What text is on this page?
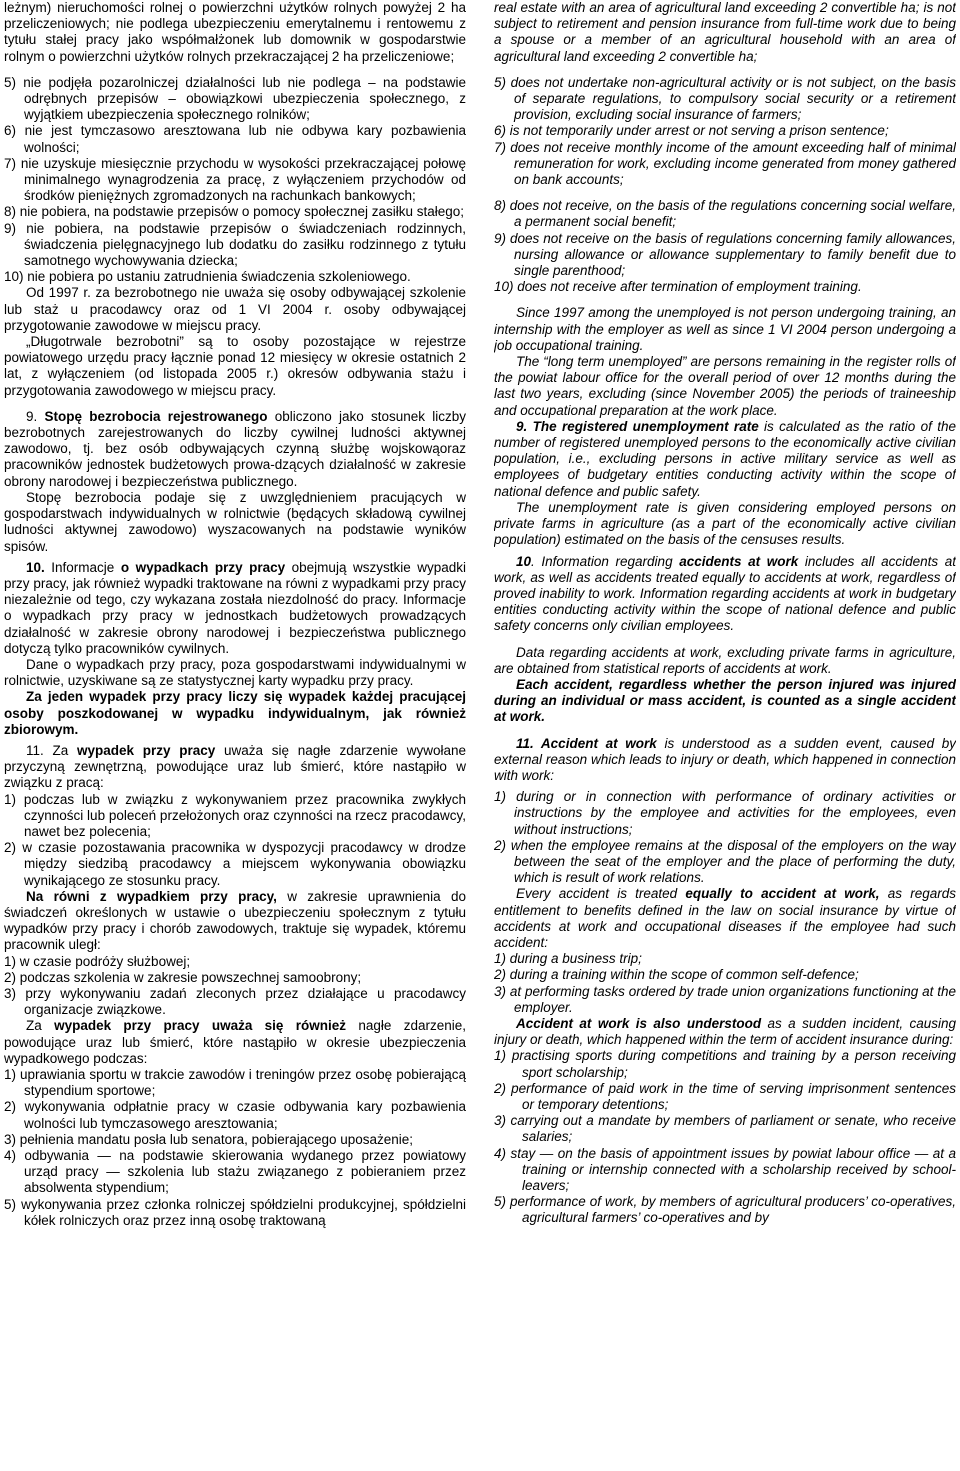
leżnym) nieruchomości rolnej o powierzchni użytków rolnych powyżej 2 ha przeliczeniowych; nie podlega ubezpieczeniu emerytalnemu i rentowemu z tytułu stałej pracy jako współmałżonek lub domownik w gospodarstwie rolnym o powierzchni użytków rolnych przekraczającej 2 ha przeliczeniowe;

5) nie podjęła pozarolniczej działalności lub nie podlega – na podstawie odrębnych przepisów – obowiązkowi ubezpieczenia społecznego, z wyjątkiem ubezpieczenia społecznego rolników;

6) nie jest tymczasowo aresztowana lub nie odbywa kary pozbawienia wolności;

7) nie uzyskuje miesięcznie przychodu w wysokości przekraczającej połowę minimalnego wynagrodzenia za pracę, z wyłączeniem przychodów od środków pieniężnych zgromadzonych na rachunkach bankowych;

8) nie pobiera, na podstawie przepisów o pomocy społecznej zasiłku stałego;

9) nie pobiera, na podstawie przepisów o świadczeniach rodzinnych, świadczenia pielęgnacyjnego lub dodatku do zasiłku rodzinnego z tytułu samotnego wychowywania dziecka;

10) nie pobiera po ustaniu zatrudnienia świadczenia szkoleniowego.

Od 1997 r. za bezrobotnego nie uważa się osoby odbywającej szkolenie lub staż u pracodawcy oraz od 1 VI 2004 r. osoby odbywającej przygotowanie zawodowe w miejscu pracy.

„Długotrwale bezrobotni” są to osoby pozostające w rejestrze powiatowego urzędu pracy łącznie ponad 12 miesięcy w okresie ostatnich 2 lat, z wyłączeniem (od listopada 2005 r.) okresów odbywania stażu i przygotowania zawodowego w miejscu pracy.

9. Stopę bezrobocia rejestrowanego obliczono jako stosunek liczby bezrobotnych zarejestrowanych do liczby cywilnej ludności aktywnej zawodowo, tj. bez osób odbywających czynną służbę wojskowąoraz pracowników jednostek budżetowych prowa-dzących działalność w zakresie obrony narodowej i bezpieczeństwa publicznego.

Stopę bezrobocia podaje się z uwzględnieniem pracujących w gospodarstwach indywidualnych w rolnictwie (będących składową cywilnej ludności aktywnej zawodowo) wyszacowanych na podstawie wyników spisów.

10. Informacje o wypadkach przy pracy obejmują wszystkie wypadki przy pracy, jak również wypadki traktowane na równi z wypadkami przy pracy niezależnie od tego, czy wykazana została niezdolność do pracy. Informacje o wypadkach przy pracy w jednostkach budżetowych prowadzących działalność w zakresie obrony narodowej i bezpieczeństwa publicznego dotyczą tylko pracowników cywilnych.

Dane o wypadkach przy pracy, poza gospodarstwami indywidualnymi w rolnictwie, uzyskiwane są ze statystycznej karty wypadku przy pracy.

Za jeden wypadek przy pracy liczy się wypadek każdej pracującej osoby poszkodowanej w wypadku indywidualnym, jak również zbiorowym.

11. Za wypadek przy pracy uważa się nagłe zdarzenie wywołane przyczyną zewnętrzną, powodujące uraz lub śmierć, które nastąpiło w związku z pracą:

1) podczas lub w związku z wykonywaniem przez pracownika zwykłych czynności lub poleceń przełożonych oraz czynności na rzecz pracodawcy, nawet bez polecenia;

2) w czasie pozostawania pracownika w dyspozycji pracodawcy w drodze między siedzibą pracodawcy a miejscem wykonywania obowiązku wynikającego ze stosunku pracy.

Na równi z wypadkiem przy pracy, w zakresie uprawnienia do świadczeń określonych w ustawie o ubezpieczeniu społecznym z tytułu wypadków przy pracy i chorób zawodowych, traktuje się wypadek, któremu pracownik uległ:

1) w czasie podróży służbowej;

2) podczas szkolenia w zakresie powszechnej samoobrony;

3) przy wykonywaniu zadań zleconych przez działające u pracodawcy organizacje związkowe.

Za wypadek przy pracy uważa się również nagłe zdarzenie, powodujące uraz lub śmierć, które nastąpiło w okresie ubezpieczenia wypadkowego podczas:

1) uprawiania sportu w trakcie zawodów i treningów przez osobę pobierającą stypendium sportowe;

2) wykonywania odpłatnie pracy w czasie odbywania kary pozbawienia wolności lub tymczasowego aresztowania;

3) pełnienia mandatu posła lub senatora, pobierającego uposażenie;

4) odbywania — na podstawie skierowania wydanego przez powiatowy urząd pracy — szkolenia lub stażu związanego z pobieraniem przez absolwenta stypendium;

5) wykonywania przez członka rolniczej spółdzielni produkcyjnej, spółdzielni kółek rolniczych oraz przez inną osobę traktowaną

real estate with an area of agricultural land exceeding 2 convertible ha; is not subject to retirement and pension insurance from full-time work due to being a spouse or a member of an agricultural household with an area of agricultural land exceeding 2 convertible ha;

5) does not undertake non-agricultural activity or is not subject, on the basis of separate regulations, to compulsory social security or a retirement provision, excluding social insurance of farmers;

6) is not temporarily under arrest or not serving a prison sentence;

7) does not receive monthly income of the amount exceeding half of minimal remuneration for work, excluding income generated from money gathered on bank accounts;

8) does not receive, on the basis of the regulations concerning social welfare, a permanent social benefit;

9) does not receive on the basis of regulations concerning family allowances, nursing allowance or allowance supplementary to family benefit due to single parenthood;

10) does not receive after termination of employment training.

Since 1997 among the unemployed is not person undergoing training, an internship with the employer as well as since 1 VI 2004 person undergoing a job occupational training.

The “long term unemployed” are persons remaining in the register rolls of the powiat labour office for the overall period of over 12 months during the last two years, excluding (since November 2005) the periods of traineeship and occupational preparation at the work place.

9. The registered unemployment rate is calculated as the ratio of the number of registered unemployed persons to the economically active civilian population, i.e., excluding persons in active military service as well as employees of budgetary entities conducting activity within the scope of national defence and public safety.

The unemployment rate is given considering employed persons on private farms in agriculture (as a part of the economically active civilian population) estimated on the basis of the censuses results.

10. Information regarding accidents at work includes all accidents at work, as well as accidents treated equally to accidents at work, regardless of proved inability to work. Information regarding accidents at work in budgetary entities conducting activity within the scope of national defence and public safety concerns only civilian employees.

Data regarding accidents at work, excluding private farms in agriculture, are obtained from statistical reports of accidents at work.

Each accident, regardless whether the person injured was injured during an individual or mass accident, is counted as a single accident at work.

11. Accident at work is understood as a sudden event, caused by external reason which leads to injury or death, which happened in connection with work:

1) during or in connection with performance of ordinary activities or instructions by the employee and activities for the employees, even without instructions;

2) when the employee remains at the disposal of the employers on the way between the seat of the employer and the place of performing the duty, which is result of work relations.

Every accident is treated equally to accident at work, as regards entitlement to benefits defined in the law on social insurance by virtue of accidents at work and occupational diseases if the employee had such accident:

1) during a business trip;

2) during a training within the scope of common self-defence;

3) at performing tasks ordered by trade union organizations functioning at the employer.

Accident at work is also understood as a sudden incident, causing injury or death, which happened within the term of accident insurance during:

1) practising sports during competitions and training by a person receiving sport scholarship;

2) performance of paid work in the time of serving imprisonment sentences or temporary detentions;

3) carrying out a mandate by members of parliament or senate, who receive salaries;

4) stay — on the basis of appointment issues by powiat labour office — at a training or internship connected with a scholarship received by school-leavers;

5) performance of work, by members of agricultural producers’ co-operatives, agricultural farmers’ co-operatives and by
